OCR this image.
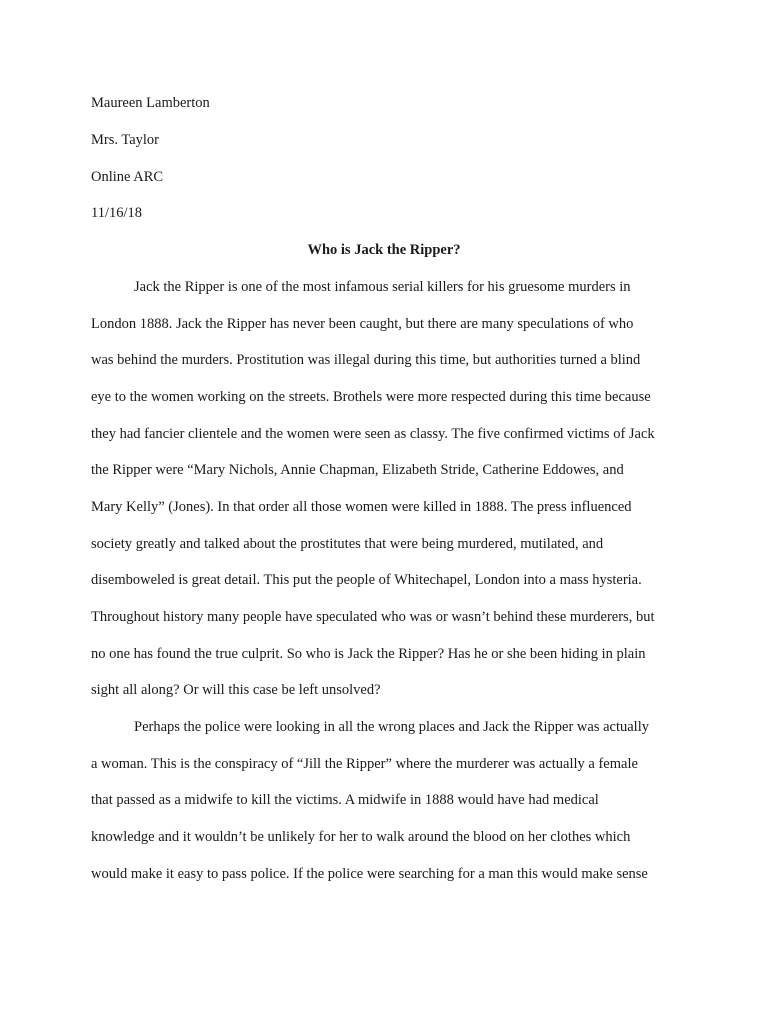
Maureen Lamberton
Mrs. Taylor
Online ARC
11/16/18
Who is Jack the Ripper?
Jack the Ripper is one of the most infamous serial killers for his gruesome murders in
London 1888. Jack the Ripper has never been caught, but there are many speculations of who
was behind the murders. Prostitution was illegal during this time, but authorities turned a blind
eye to the women working on the streets. Brothels were more respected during this time because
they had fancier clientele and the women were seen as classy. The five confirmed victims of Jack
the Ripper were “Mary Nichols, Annie Chapman, Elizabeth Stride, Catherine Eddowes, and
Mary Kelly” (Jones). In that order all those women were killed in 1888. The press influenced
society greatly and talked about the prostitutes that were being murdered, mutilated, and
disemboweled is great detail. This put the people of Whitechapel, London into a mass hysteria.
Throughout history many people have speculated who was or wasn’t behind these murderers, but
no one has found the true culprit. So who is Jack the Ripper? Has he or she been hiding in plain
sight all along? Or will this case be left unsolved?
Perhaps the police were looking in all the wrong places and Jack the Ripper was actually
a woman. This is the conspiracy of “Jill the Ripper” where the murderer was actually a female
that passed as a midwife to kill the victims. A midwife in 1888 would have had medical
knowledge and it wouldn’t be unlikely for her to walk around the blood on her clothes which
would make it easy to pass police. If the police were searching for a man this would make sense
